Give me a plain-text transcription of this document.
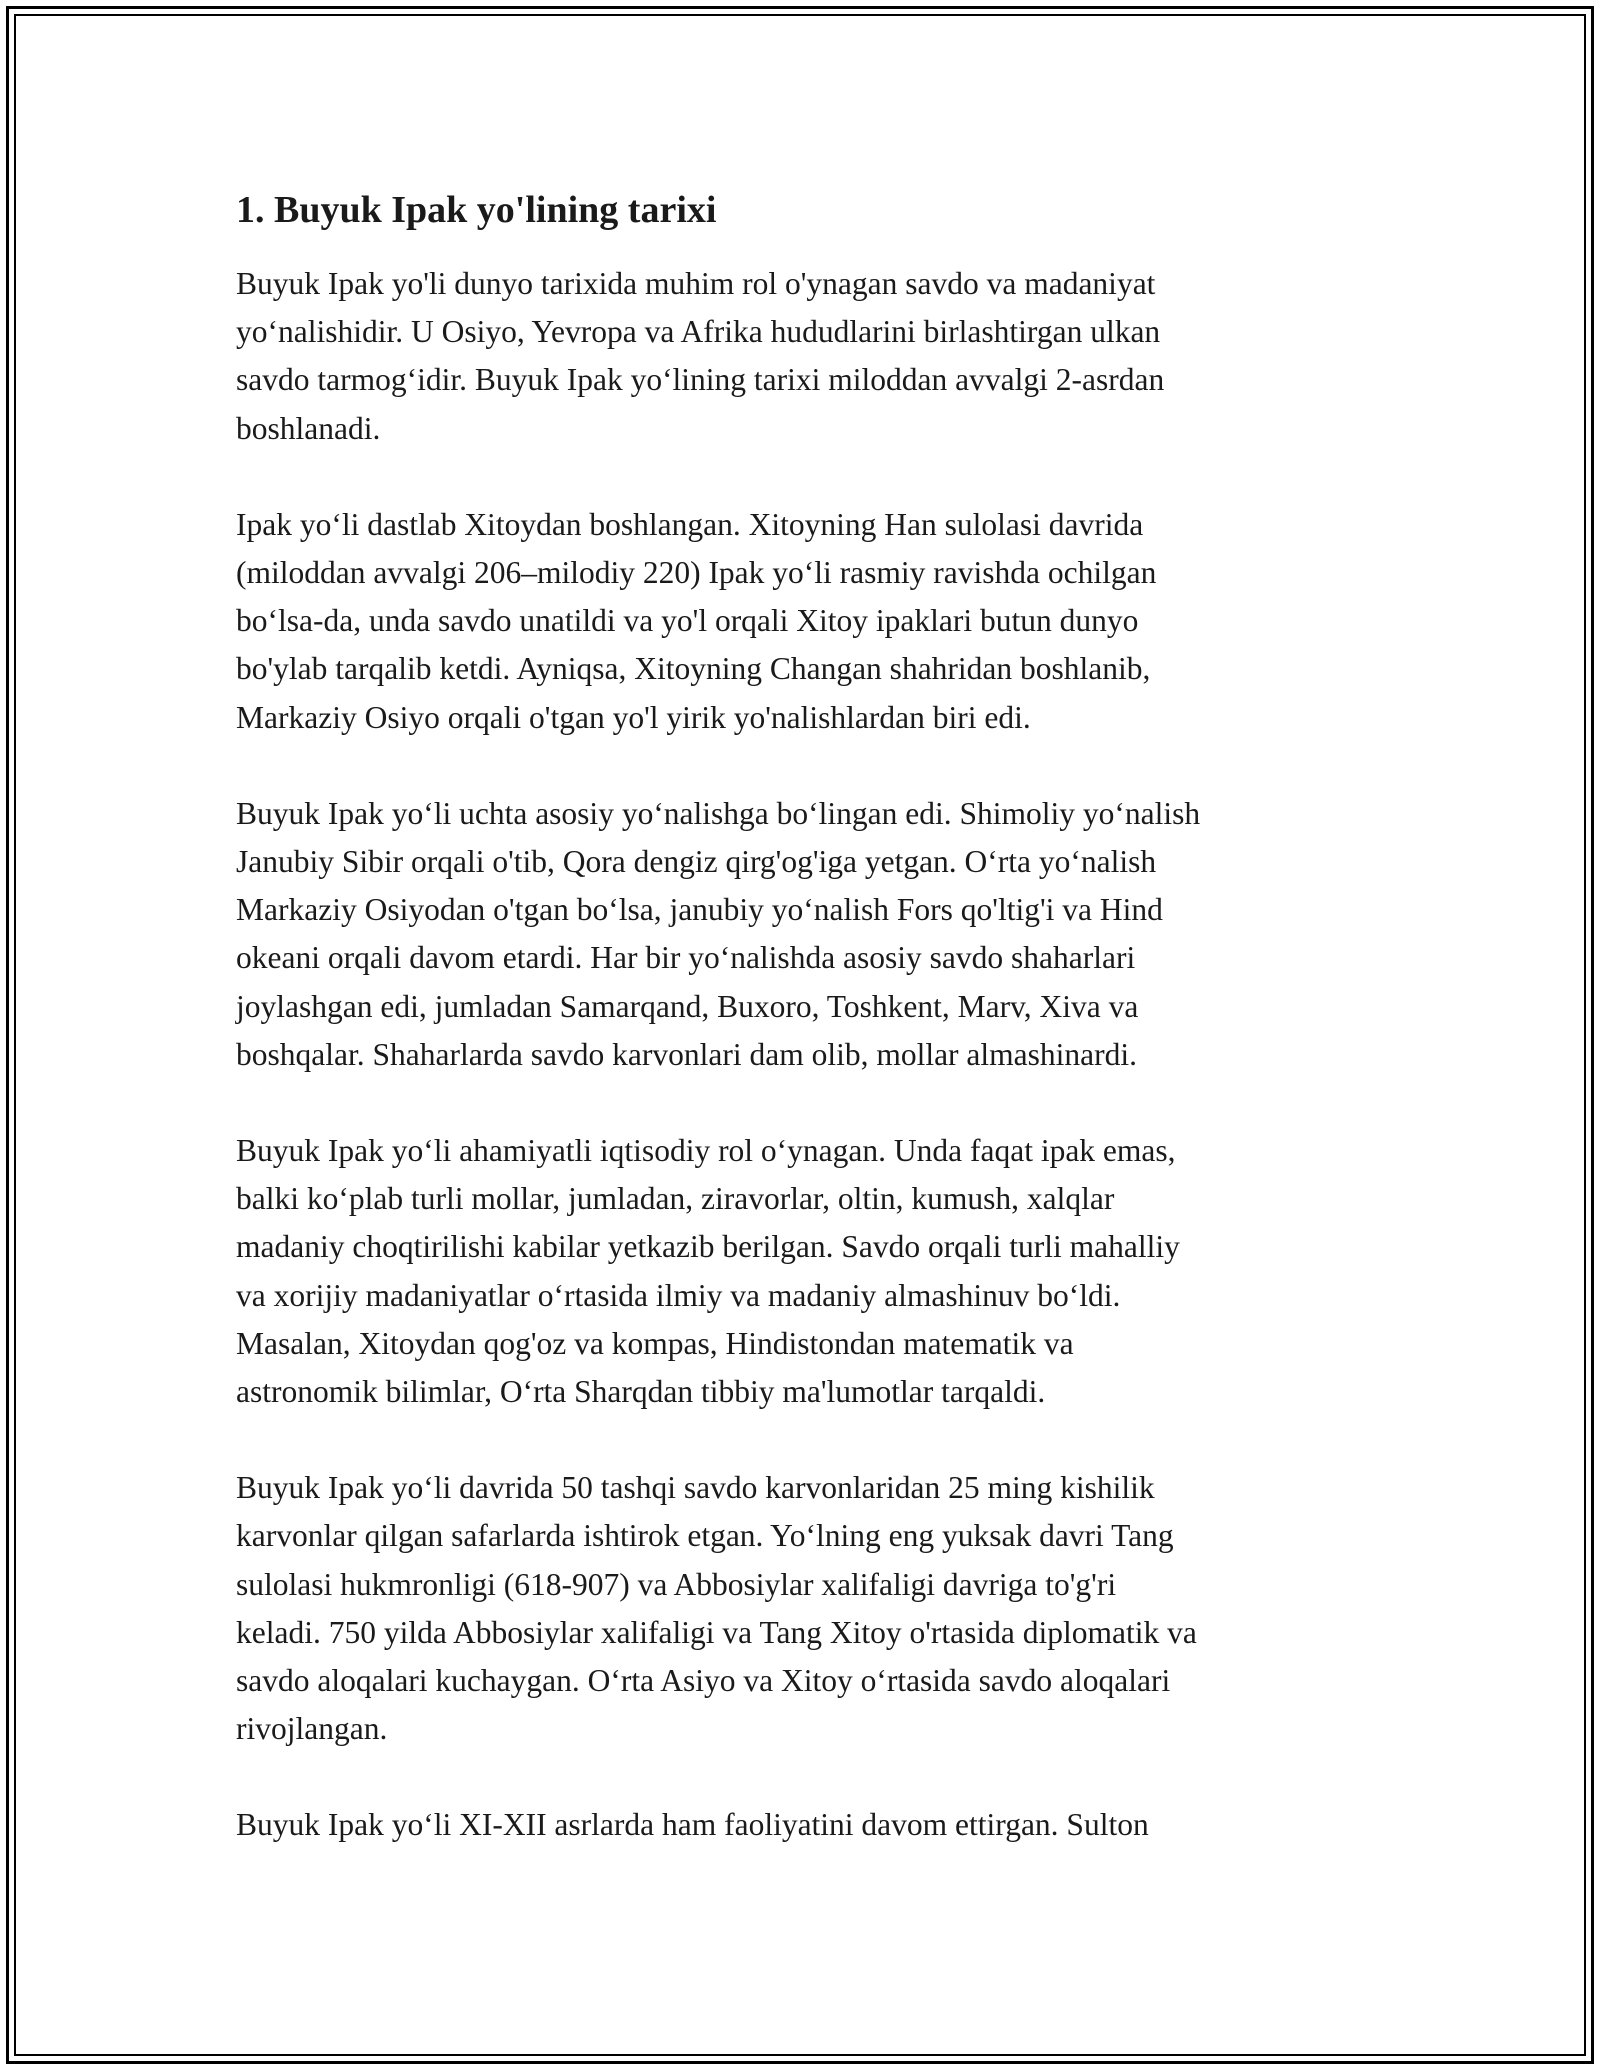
1. Buyuk Ipak yo'lining tarixi
Buyuk Ipak yo'li dunyo tarixida muhim rol o'ynagan savdo va madaniyat
yo‘nalishidir. U Osiyo, Yevropa va Afrika hududlarini birlashtirgan ulkan
savdo tarmog‘idir. Buyuk Ipak yo‘lining tarixi miloddan avvalgi 2-asrdan
boshlanadi.
Ipak yo‘li dastlab Xitoydan boshlangan. Xitoyning Han sulolasi davrida
(miloddan avvalgi 206–milodiy 220) Ipak yo‘li rasmiy ravishda ochilgan
bo‘lsa-da, unda savdo unatildi va yo'l orqali Xitoy ipaklari butun dunyo
bo'ylab tarqalib ketdi. Ayniqsa, Xitoyning Changan shahridan boshlanib,
Markaziy Osiyo orqali o'tgan yo'l yirik yo'nalishlardan biri edi.
Buyuk Ipak yo‘li uchta asosiy yo‘nalishga bo‘lingan edi. Shimoliy yo‘nalish
Janubiy Sibir orqali o'tib, Qora dengiz qirg'og'iga yetgan. O‘rta yo‘nalish
Markaziy Osiyodan o'tgan bo‘lsa, janubiy yo‘nalish Fors qo'ltig'i va Hind
okeani orqali davom etardi. Har bir yo‘nalishda asosiy savdo shaharlari
joylashgan edi, jumladan Samarqand, Buxoro, Toshkent, Marv, Xiva va
boshqalar. Shaharlarda savdo karvonlari dam olib, mollar almashinardi.
Buyuk Ipak yo‘li ahamiyatli iqtisodiy rol o‘ynagan. Unda faqat ipak emas,
balki ko‘plab turli mollar, jumladan, ziravorlar, oltin, kumush, xalqlar
madaniy choqtirilishi kabilar yetkazib berilgan. Savdo orqali turli mahalliy
va xorijiy madaniyatlar o‘rtasida ilmiy va madaniy almashinuv bo‘ldi.
Masalan, Xitoydan qog'oz va kompas, Hindistondan matematik va
astronomik bilimlar, O‘rta Sharqdan tibbiy ma'lumotlar tarqaldi.
Buyuk Ipak yo‘li davrida 50 tashqi savdo karvonlaridan 25 ming kishilik
karvonlar qilgan safarlarda ishtirok etgan. Yo‘lning eng yuksak davri Tang
sulolasi hukmronligi (618-907) va Abbosiylar xalifaligi davriga to'g'ri
keladi. 750 yilda Abbosiylar xalifaligi va Tang Xitoy o'rtasida diplomatik va
savdo aloqalari kuchaygan. O‘rta Asiyo va Xitoy o‘rtasida savdo aloqalari
rivojlangan.
Buyuk Ipak yo‘li XI-XII asrlarda ham faoliyatini davom ettirgan. Sulton
